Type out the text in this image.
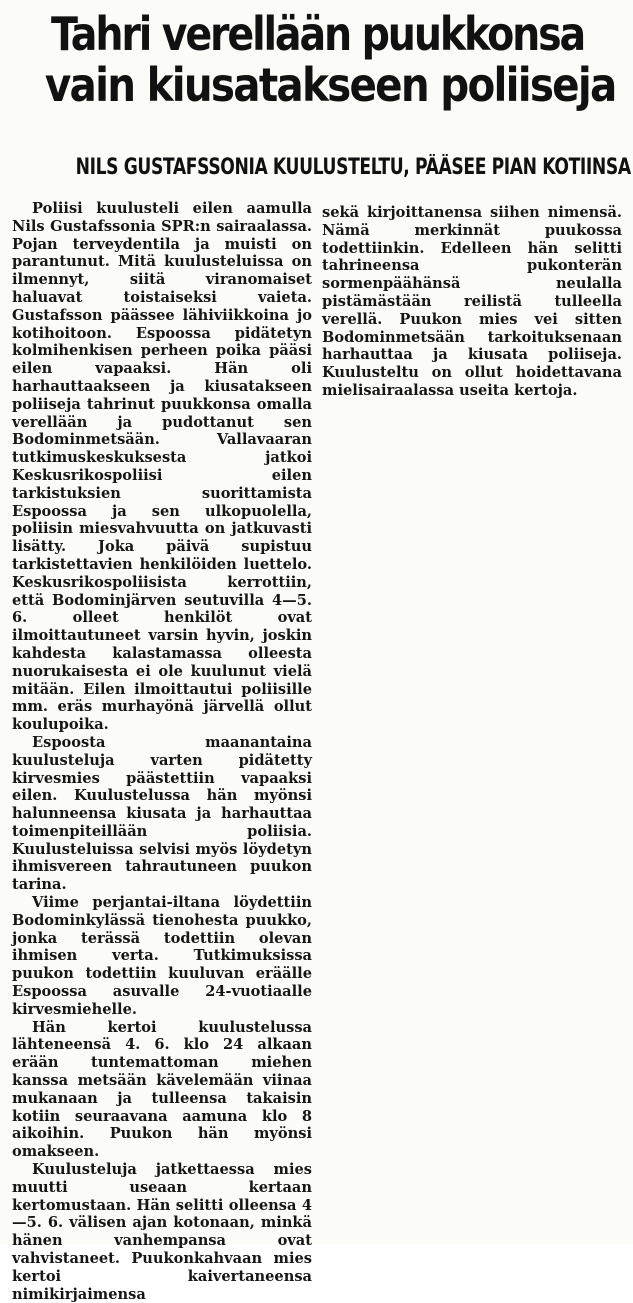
Tahri verellään puukkonsa
vain kiusatakseen poliiseja
NILS GUSTAFSSONIA KUULUSTELTU, PÄÄSEE PIAN KOTIINSA

Poliisi kuulusteli eilen aamulla Nils Gustafssonia SPR:n sairaalassa. Pojan terveydentila ja muisti on parantunut. Mitä kuulusteluissa on ilmennyt, siitä viranomaiset haluavat toistaiseksi vaieta. Gustafsson päässee lähiviikkoina jo kotihoitoon. Espoossa pidätetyn kolmihenkisen perheen poika pääsi eilen vapaaksi. Hän oli harhauttaakseen ja kiusatakseen poliiseja tahrinut puukkonsa omalla verellään ja pudottanut sen Bodominmetsään. Vallavaaran tutkimuskeskuksesta jatkoi Keskusrikospoliisi eilen tarkistuksien suorittamista Espoossa ja sen ulkopuolella, poliisin miesvahvuutta on jatkuvasti lisätty. Joka päivä supistuu tarkistettavien henkilöiden luettelo. Keskusrikospoliisista kerrottiin, että Bodominjärven seutuvilla 4—5. 6. olleet henkilöt ovat ilmoittautuneet varsin hyvin, joskin kahdesta kalastamassa olleesta nuorukaisesta ei ole kuulunut vielä mitään. Eilen ilmoittautui poliisille mm. eräs murhayönä järvellä ollut koulupoika.

Espoosta maanantaina kuulusteluja varten pidätetty kirvesmies päästettiin vapaaksi eilen. Kuulustelussa hän myönsi halunneensa kiusata ja harhauttaa toimenpiteillään poliisia. Kuulusteluissa selvisi myös löydetyn ihmisvereen tahrautuneen puukon tarina.

Viime perjantai-iltana löydettiin Bodominkylässä tienohesta puukko, jonka terässä todettiin olevan ihmisen verta. Tutkimuksissa puukon todettiin kuuluvan eräälle Espoossa asuvalle 24-vuotiaalle kirvesmiehelle.

Hän kertoi kuulustelussa lähteneensä 4. 6. klo 24 alkaan erään tuntemattoman miehen kanssa metsään kävelemään viinaa mukanaan ja tulleensa takaisin kotiin seuraavana aamuna klo 8 aikoihin. Puukon hän myönsi omakseen.

Kuulusteluja jatkettaessa mies muutti useaan kertaan kertomustaan. Hän selitti olleensa 4—5. 6. välisen ajan kotonaan, minkä hänen vanhempansa ovat vahvistaneet. Puukonkahvaan mies kertoi kaivertaneensa nimikirjaimensa

sekä kirjoittanensa siihen nimensä. Nämä merkinnät puukossa todettiinkin. Edelleen hän selitti tahrineensa pukonterän sormenpäähänsä neulalla pistämästään reilistä tulleella verellä. Puukon mies vei sitten Bodominmetsään tarkoituksenaan harhauttaa ja kiusata poliiseja. Kuulusteltu on ollut hoidettavana mielisairaalassa useita kertoja.
